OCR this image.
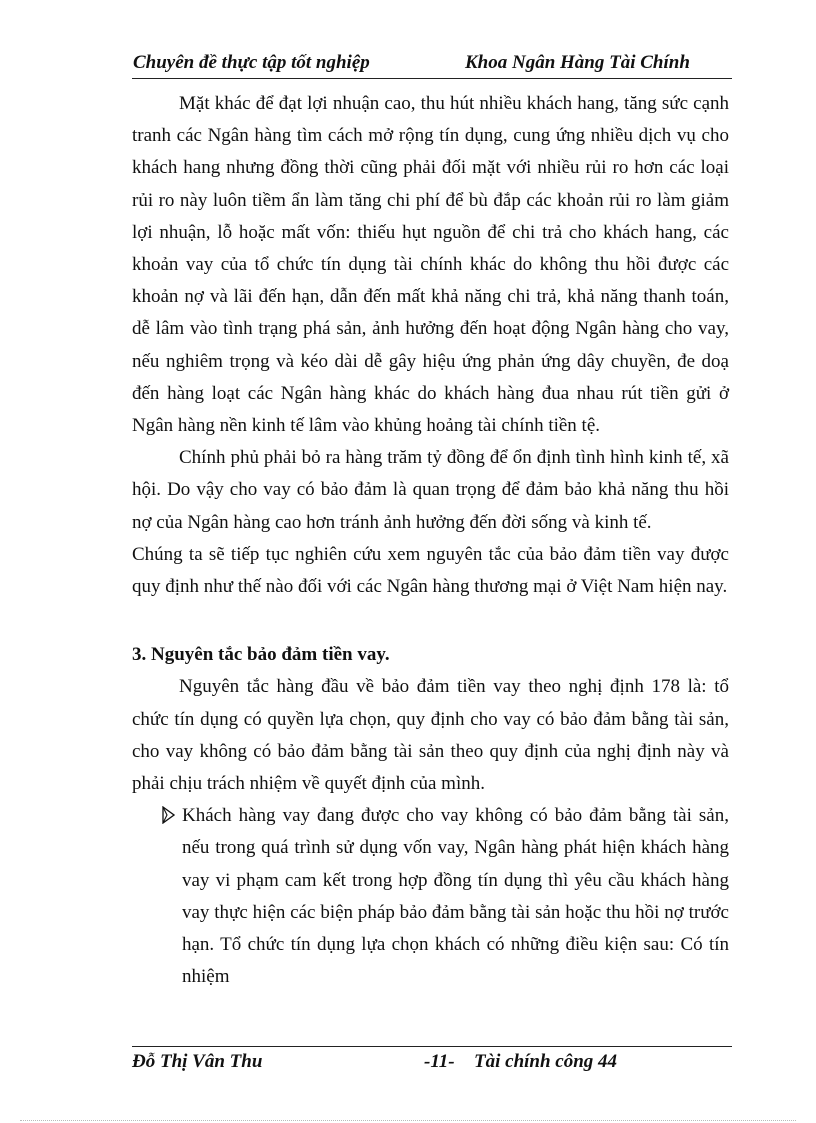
Chuyên đề thực tập tốt nghiệp	Khoa Ngân Hàng Tài Chính

Mặt khác để đạt lợi nhuận cao, thu hút nhiều khách hang, tăng sức cạnh tranh các Ngân hàng tìm cách mở rộng tín dụng, cung ứng nhiều dịch vụ cho khách hang nhưng đồng thời cũng phải đối mặt với nhiều rủi ro hơn các loại rủi ro này luôn tiềm ẩn làm tăng chi phí để bù đắp các khoản rủi ro làm giảm lợi nhuận, lỗ hoặc mất vốn: thiếu hụt nguồn để chi trả cho khách hang, các khoản vay của tổ chức tín dụng tài chính khác do không thu hồi được các khoản nợ và lãi đến hạn, dẫn đến mất khả năng chi trả, khả năng thanh toán, dễ lâm vào tình trạng phá sản, ảnh hưởng đến hoạt động Ngân hàng cho vay, nếu nghiêm trọng và kéo dài dễ gây hiệu ứng phản ứng dây chuyền, đe doạ đến hàng loạt các Ngân hàng khác do khách hàng đua nhau rút tiền gửi ở Ngân hàng nền kinh tế lâm vào khủng hoảng tài chính tiền tệ.

Chính phủ phải bỏ ra hàng trăm tỷ đồng để ổn định tình hình kinh tế, xã hội. Do vậy cho vay có bảo đảm là quan trọng để đảm bảo khả năng thu hồi nợ của Ngân hàng cao hơn tránh ảnh hưởng đến đời sống và kinh tế.

Chúng ta sẽ tiếp tục nghiên cứu xem nguyên tắc của bảo đảm tiền vay được quy định như thế nào đối với các Ngân hàng thương mại ở Việt Nam hiện nay.

3. Nguyên tắc bảo đảm tiền vay.

Nguyên tắc hàng đầu về bảo đảm tiền vay theo nghị định 178 là: tổ chức tín dụng có quyền lựa chọn, quy định cho vay có bảo đảm bằng tài sản, cho vay không có bảo đảm bằng tài sản theo quy định của nghị định này và phải chịu trách nhiệm về quyết định của mình.

Khách hàng vay đang được cho vay không có bảo đảm bằng tài sản, nếu trong quá trình sử dụng vốn vay, Ngân hàng phát hiện khách hàng vay vi phạm cam kết trong hợp đồng tín dụng thì yêu cầu khách hàng vay thực hiện các biện pháp bảo đảm bằng tài sản hoặc thu hồi nợ trước hạn. Tổ chức tín dụng lựa chọn khách có những điều kiện sau: Có tín nhiệm
Đỗ Thị Vân Thu	-11- Tài chính công 44
